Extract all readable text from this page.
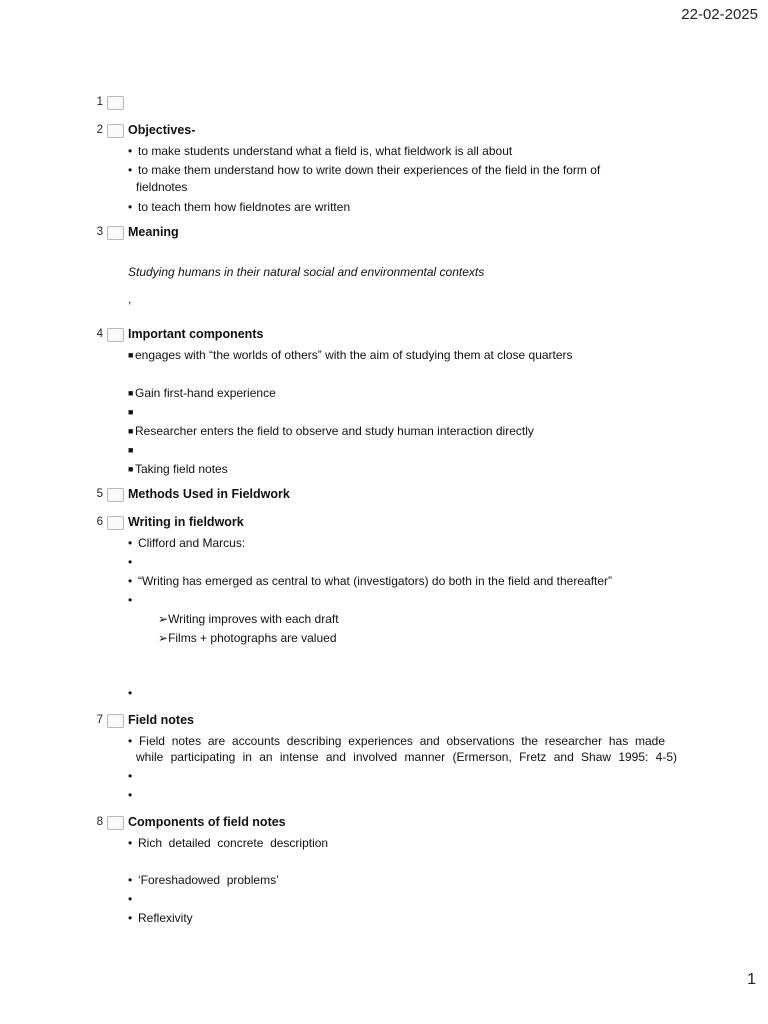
22-02-2025
1
2 Objectives-
• to make students understand what a field is, what fieldwork is all about
• to make them understand how to write down their experiences of the field in the form of
fieldnotes
• to teach them how fieldnotes are written
3 Meaning
Studying humans in their natural social and environmental contexts
,
4 Important components
■ engages with “the worlds of others” with the aim of studying them at close quarters
■ Gain first-hand experience
■
■ Researcher enters the field to observe and study human interaction directly
■
■ Taking field notes
5 Methods Used in Fieldwork
6 Writing in fieldwork
• Clifford and Marcus:
•
• “Writing has emerged as central to what (investigators) do both in the field and thereafter”
•
➢Writing improves with each draft
➢Films + photographs are valued
•
7 Field notes
• Field notes are accounts describing experiences and observations the researcher has made
while participating in an intense and involved manner (Ermerson, Fretz and Shaw 1995: 4-5)
•
•
8 Components of field notes
• Rich  detailed  concrete  description
• ‘Foreshadowed  problems’
•
• Reflexivity
1
